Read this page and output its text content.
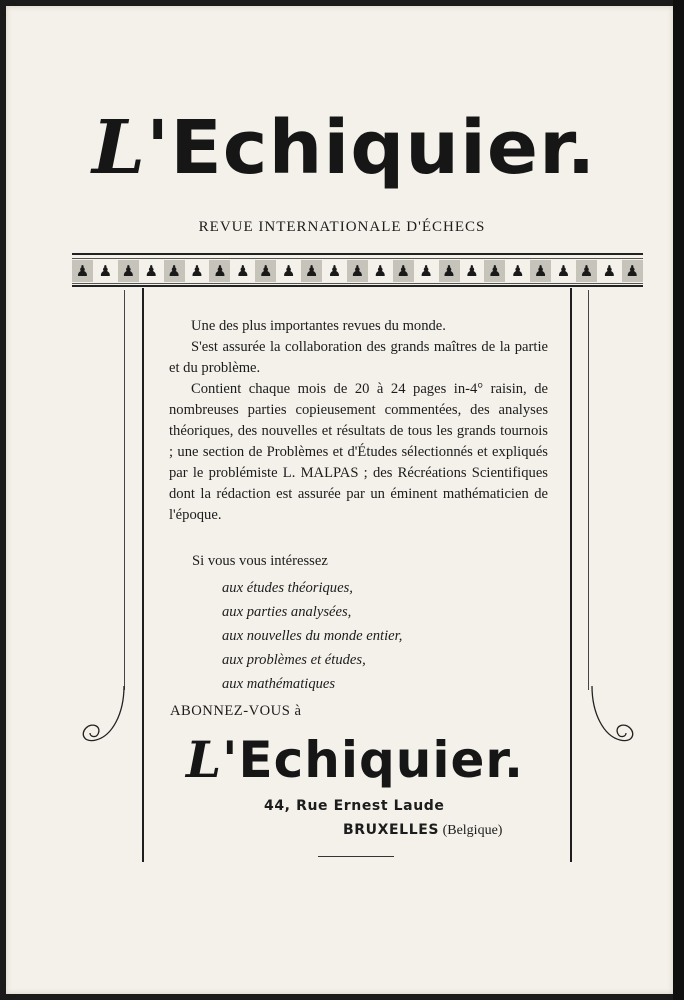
L'Echiquier.
REVUE INTERNATIONALE D'ÉCHECS
♟ ♟ ♟ ♟ ♟ ♟ ♟ ♟ ♟ ♟ ♟ ♟ ♟ ♟ ♟ ♟ ♟ ♟ ♟ ♟ ♟ ♟ ♟ ♟ ♟

Une des plus importantes revues du monde.

S'est assurée la collaboration des grands maîtres de la partie et du problème.

Contient chaque mois de 20 à 24 pages in-4° raisin, de nombreuses parties copieusement commentées, des analyses théoriques, des nouvelles et résultats de tous les grands tournois ; une section de Problèmes et d'Études sélectionnés et expliqués par le problémiste L. MALPAS ; des Récréations Scientifiques dont la rédaction est assurée par un éminent mathématicien de l'époque.

Si vous vous intéressez
aux études théoriques,
aux parties analysées,
aux nouvelles du monde entier,
aux problèmes et études,
aux mathématiques
ABONNEZ-VOUS à
L'Echiquier.
44, Rue Ernest Laude
BRUXELLES (Belgique)
